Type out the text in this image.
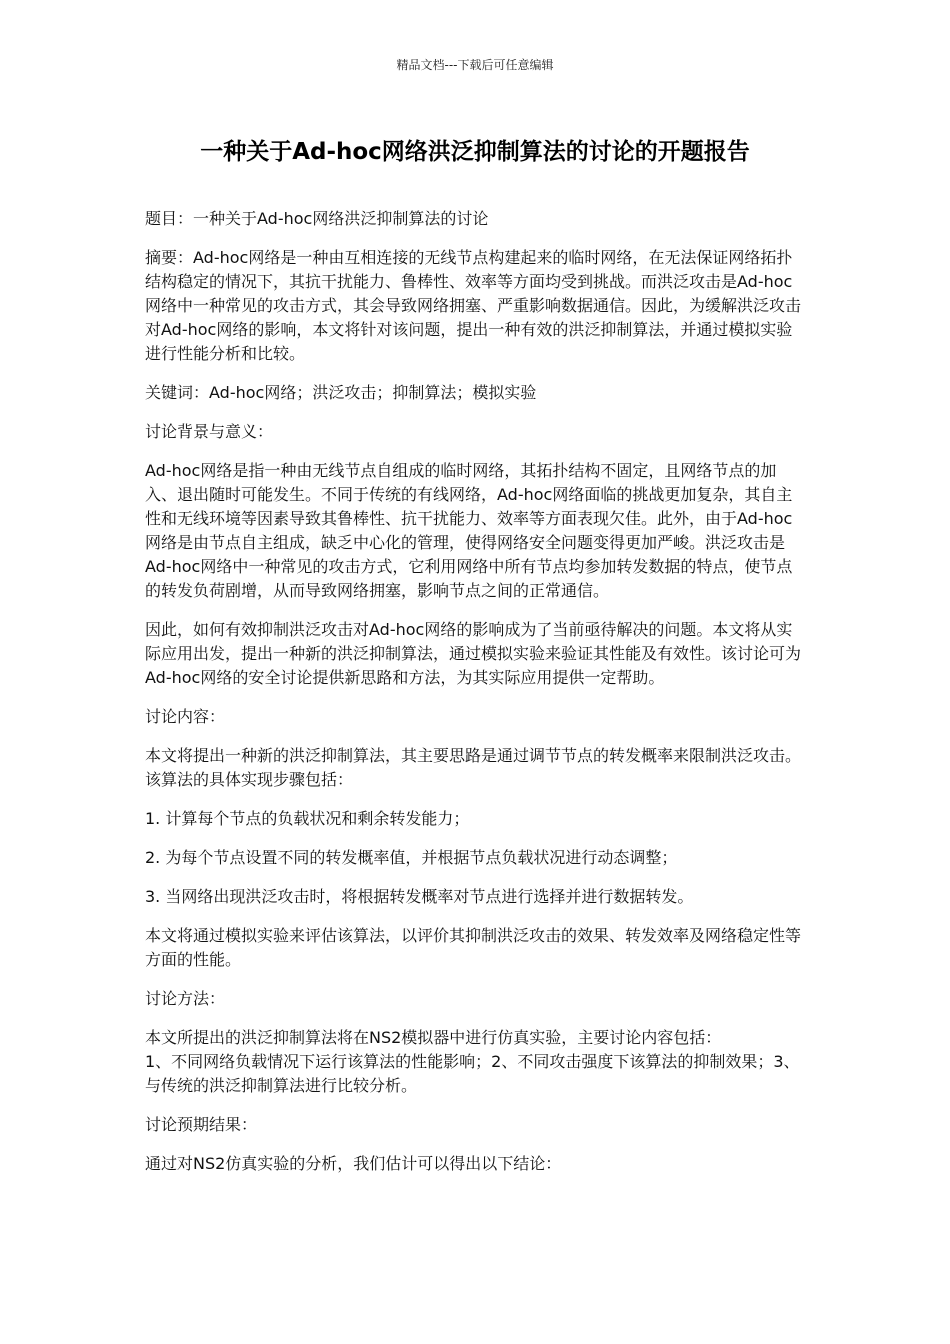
精品文档---下载后可任意编辑
一种关于Ad-hoc网络洪泛抑制算法的讨论的开题报告

题目：一种关于Ad-hoc网络洪泛抑制算法的讨论

摘要：Ad-hoc网络是一种由互相连接的无线节点构建起来的临时网络，在无法保证网络拓扑结构稳定的情况下，其抗干扰能力、鲁棒性、效率等方面均受到挑战。而洪泛攻击是Ad-hoc网络中一种常见的攻击方式，其会导致网络拥塞、严重影响数据通信。因此，为缓解洪泛攻击对Ad-hoc网络的影响，本文将针对该问题，提出一种有效的洪泛抑制算法，并通过模拟实验进行性能分析和比较。

关键词：Ad-hoc网络；洪泛攻击；抑制算法；模拟实验

讨论背景与意义：

Ad-hoc网络是指一种由无线节点自组成的临时网络，其拓扑结构不固定，且网络节点的加入、退出随时可能发生。不同于传统的有线网络，Ad-hoc网络面临的挑战更加复杂，其自主性和无线环境等因素导致其鲁棒性、抗干扰能力、效率等方面表现欠佳。此外，由于Ad-hoc网络是由节点自主组成，缺乏中心化的管理，使得网络安全问题变得更加严峻。洪泛攻击是Ad-hoc网络中一种常见的攻击方式，它利用网络中所有节点均参加转发数据的特点，使节点的转发负荷剧增，从而导致网络拥塞，影响节点之间的正常通信。

因此，如何有效抑制洪泛攻击对Ad-hoc网络的影响成为了当前亟待解决的问题。本文将从实际应用出发，提出一种新的洪泛抑制算法，通过模拟实验来验证其性能及有效性。该讨论可为Ad-hoc网络的安全讨论提供新思路和方法，为其实际应用提供一定帮助。

讨论内容：

本文将提出一种新的洪泛抑制算法，其主要思路是通过调节节点的转发概率来限制洪泛攻击。该算法的具体实现步骤包括：

1. 计算每个节点的负载状况和剩余转发能力；

2. 为每个节点设置不同的转发概率值，并根据节点负载状况进行动态调整；

3. 当网络出现洪泛攻击时，将根据转发概率对节点进行选择并进行数据转发。

本文将通过模拟实验来评估该算法，以评价其抑制洪泛攻击的效果、转发效率及网络稳定性等方面的性能。

讨论方法：

本文所提出的洪泛抑制算法将在NS2模拟器中进行仿真实验，主要讨论内容包括：

1、不同网络负载情况下运行该算法的性能影响；2、不同攻击强度下该算法的抑制效果；3、与传统的洪泛抑制算法进行比较分析。

讨论预期结果：

通过对NS2仿真实验的分析，我们估计可以得出以下结论：
